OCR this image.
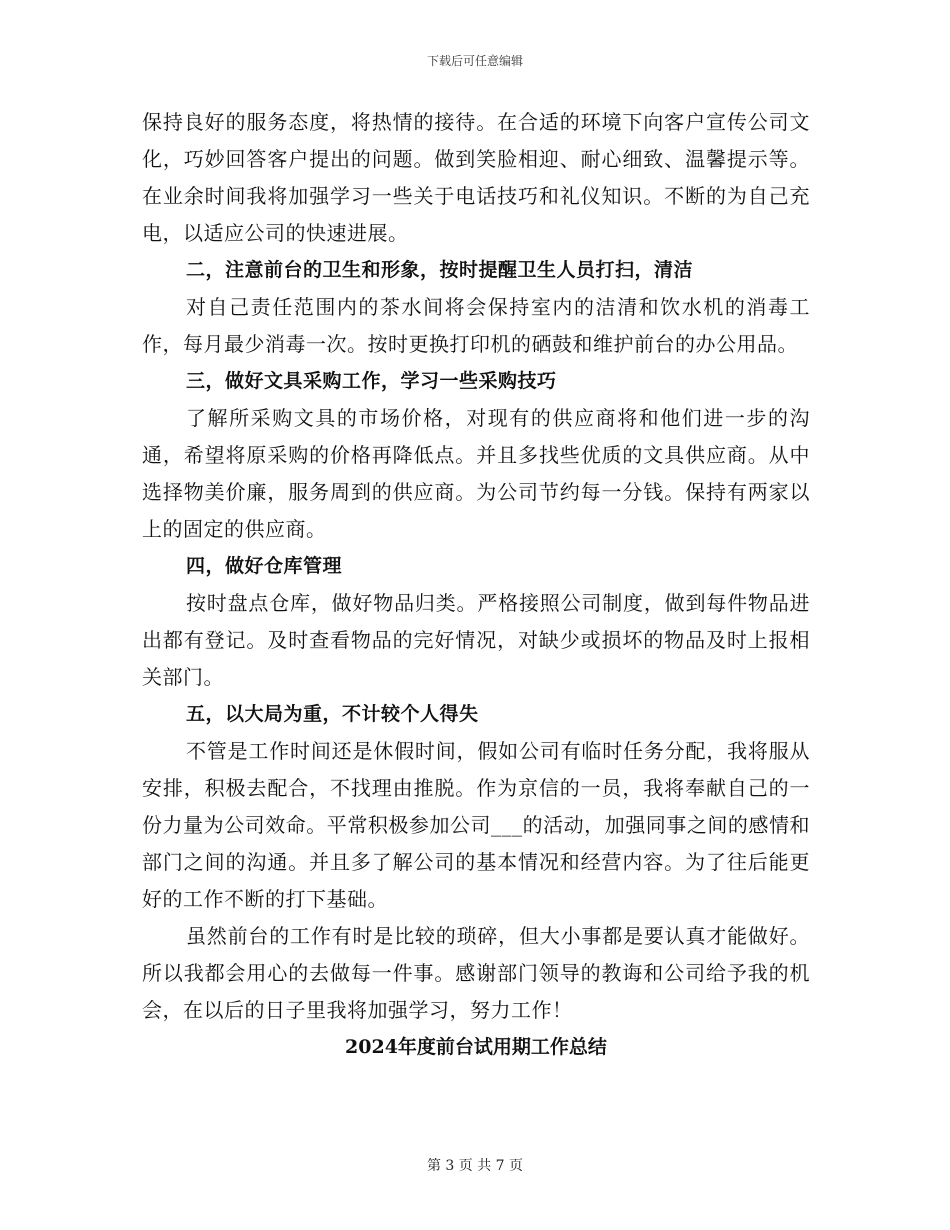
下载后可任意编辑

保持良好的服务态度，将热情的接待。在合适的环境下向客户宣传公司文化，巧妙回答客户提出的问题。做到笑脸相迎、耐心细致、温馨提示等。在业余时间我将加强学习一些关于电话技巧和礼仪知识。不断的为自己充电，以适应公司的快速进展。

二，注意前台的卫生和形象，按时提醒卫生人员打扫，清洁

对自己责任范围内的茶水间将会保持室内的洁清和饮水机的消毒工作，每月最少消毒一次。按时更换打印机的硒鼓和维护前台的办公用品。

三，做好文具采购工作，学习一些采购技巧

了解所采购文具的市场价格，对现有的供应商将和他们进一步的沟通，希望将原采购的价格再降低点。并且多找些优质的文具供应商。从中选择物美价廉，服务周到的供应商。为公司节约每一分钱。保持有两家以上的固定的供应商。

四，做好仓库管理

按时盘点仓库，做好物品归类。严格接照公司制度，做到每件物品进出都有登记。及时查看物品的完好情况，对缺少或损坏的物品及时上报相关部门。

五，以大局为重，不计较个人得失

不管是工作时间还是休假时间，假如公司有临时任务分配，我将服从安排，积极去配合，不找理由推脱。作为京信的一员，我将奉献自己的一份力量为公司效命。平常积极参加公司___的活动，加强同事之间的感情和部门之间的沟通。并且多了解公司的基本情况和经营内容。为了往后能更好的工作不断的打下基础。

虽然前台的工作有时是比较的琐碎，但大小事都是要认真才能做好。所以我都会用心的去做每一件事。感谢部门领导的教诲和公司给予我的机会，在以后的日子里我将加强学习，努力工作！

2024年度前台试用期工作总结

第 3 页 共 7 页
